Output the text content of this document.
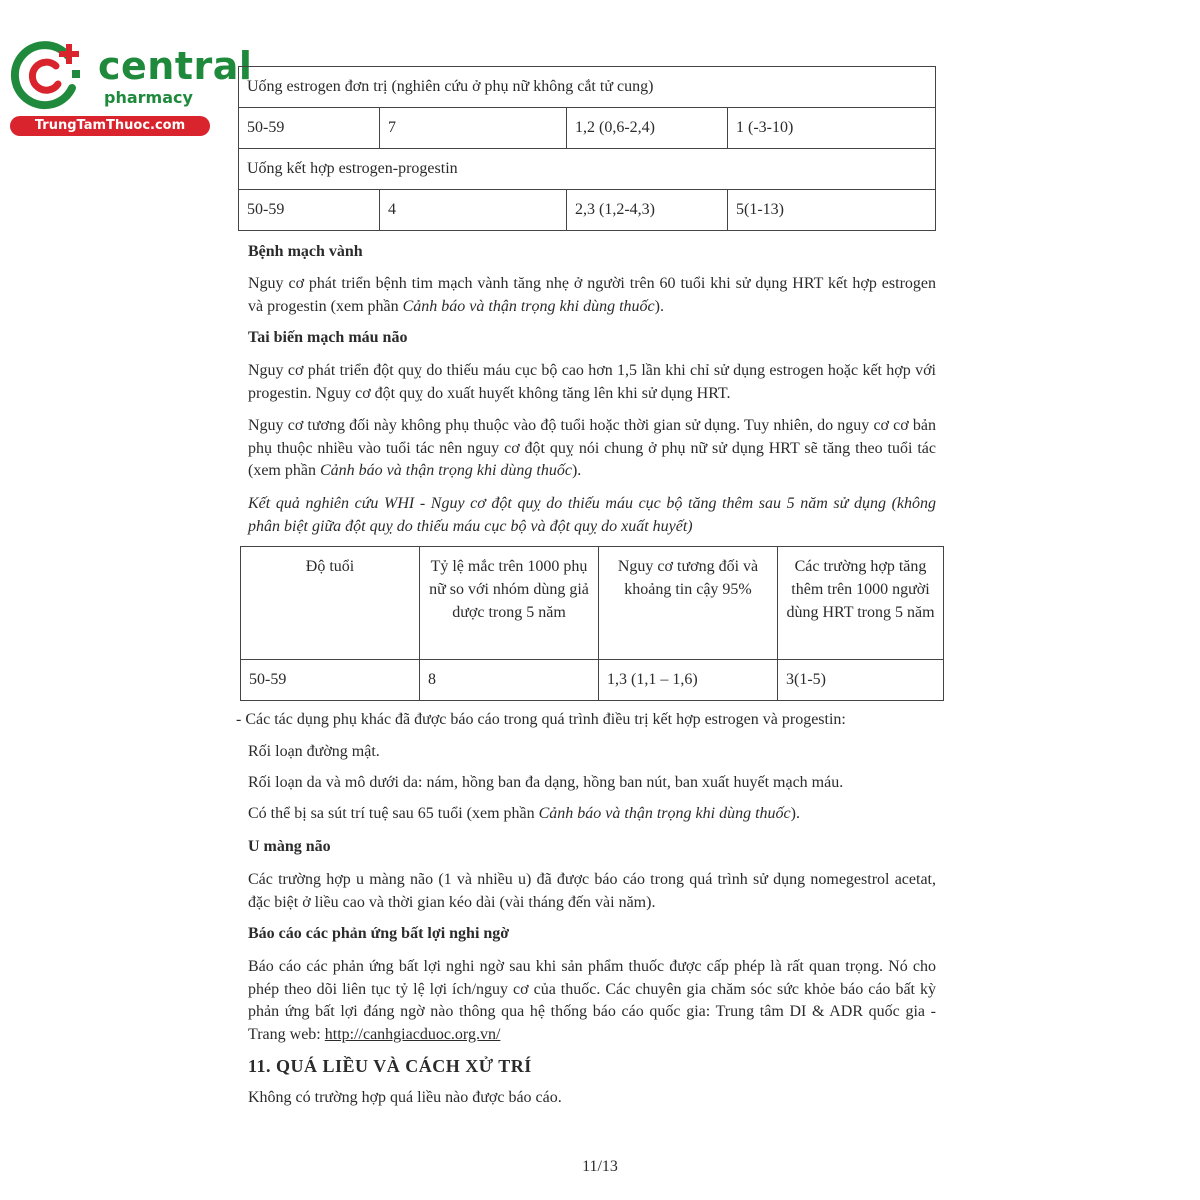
central
pharmacy
TrungTamThuoc.com
Uống estrogen đơn trị (nghiên cứu ở phụ nữ không cắt tử cung)			
50-59	7	1,2 (0,6-2,4)	1 (-3-10)
Uống kết hợp estrogen-progestin			
50-59	4	2,3 (1,2-4,3)	5(1-13)

Bệnh mạch vành

Nguy cơ phát triển bệnh tim mạch vành tăng nhẹ ở người trên 60 tuổi khi sử dụng HRT kết hợp estrogen và progestin (xem phần Cảnh báo và thận trọng khi dùng thuốc).

Tai biến mạch máu não

Nguy cơ phát triển đột quỵ do thiếu máu cục bộ cao hơn 1,5 lần khi chỉ sử dụng estrogen hoặc kết hợp với progestin. Nguy cơ đột quỵ do xuất huyết không tăng lên khi sử dụng HRT.

Nguy cơ tương đối này không phụ thuộc vào độ tuổi hoặc thời gian sử dụng. Tuy nhiên, do nguy cơ cơ bản phụ thuộc nhiều vào tuổi tác nên nguy cơ đột quỵ nói chung ở phụ nữ sử dụng HRT sẽ tăng theo tuổi tác (xem phần Cảnh báo và thận trọng khi dùng thuốc).

Kết quả nghiên cứu WHI - Nguy cơ đột quỵ do thiếu máu cục bộ tăng thêm sau 5 năm sử dụng (không phân biệt giữa đột quỵ do thiếu máu cục bộ và đột quỵ do xuất huyết)

Độ tuổi	Tỷ lệ mắc trên 1000 phụ nữ so với nhóm dùng giả dược trong 5 năm	Nguy cơ tương đối và khoảng tin cậy 95%	Các trường hợp tăng thêm trên 1000 người dùng HRT trong 5 năm
50-59	8	1,3 (1,1 – 1,6)	3(1-5)

- Các tác dụng phụ khác đã được báo cáo trong quá trình điều trị kết hợp estrogen và progestin:

Rối loạn đường mật.

Rối loạn da và mô dưới da: nám, hồng ban đa dạng, hồng ban nút, ban xuất huyết mạch máu.

Có thể bị sa sút trí tuệ sau 65 tuổi (xem phần Cảnh báo và thận trọng khi dùng thuốc).

U màng não

Các trường hợp u màng não (1 và nhiều u) đã được báo cáo trong quá trình sử dụng nomegestrol acetat, đặc biệt ở liều cao và thời gian kéo dài (vài tháng đến vài năm).

Báo cáo các phản ứng bất lợi nghi ngờ

Báo cáo các phản ứng bất lợi nghi ngờ sau khi sản phẩm thuốc được cấp phép là rất quan trọng. Nó cho phép theo dõi liên tục tỷ lệ lợi ích/nguy cơ của thuốc. Các chuyên gia chăm sóc sức khỏe báo cáo bất kỳ phản ứng bất lợi đáng ngờ nào thông qua hệ thống báo cáo quốc gia: Trung tâm DI & ADR quốc gia - Trang web: http://canhgiacduoc.org.vn/

11. QUÁ LIỀU VÀ CÁCH XỬ TRÍ

Không có trường hợp quá liều nào được báo cáo.

11/13
